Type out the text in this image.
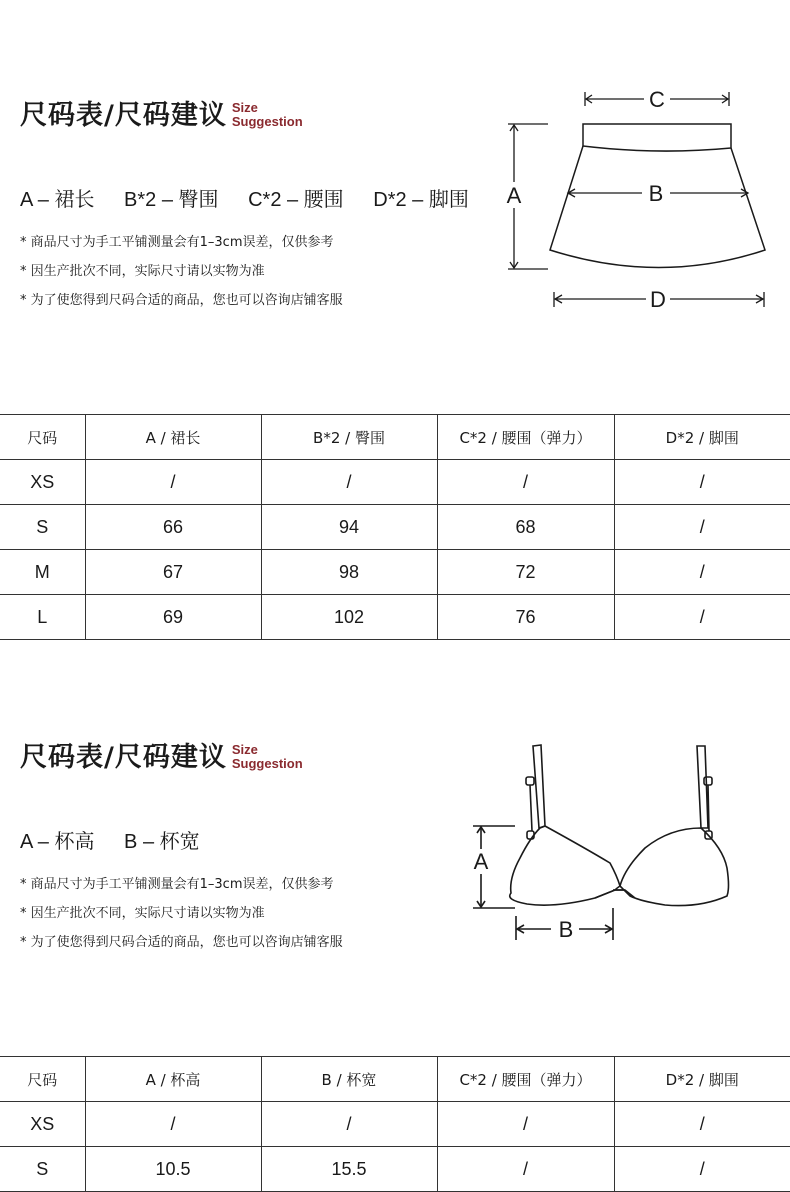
尺码表/尺码建议 Size
Suggestion
A – 裙长 B*2 – 臀围 C*2 – 腰围 D*2 – 脚围
* 商品尺寸为手工平铺测量会有1–3cm误差，仅供参考
* 因生产批次不同，实际尺寸请以实物为准
* 为了使您得到尺码合适的商品，您也可以咨询店铺客服
C
B
A
D
尺码	A / 裙长	B*2 / 臀围	C*2 / 腰围（弹力）	D*2 / 脚围
XS	/	/	/	/
S	66	94	68	/
M	67	98	72	/
L	69	102	76	/
尺码表/尺码建议 Size
Suggestion
A – 杯高 B – 杯宽
* 商品尺寸为手工平铺测量会有1–3cm误差，仅供参考
* 因生产批次不同，实际尺寸请以实物为准
* 为了使您得到尺码合适的商品，您也可以咨询店铺客服
A
B
尺码	A / 杯高	B / 杯宽	C*2 / 腰围（弹力）	D*2 / 脚围
XS	/	/	/	/
S	10.5	15.5	/	/
